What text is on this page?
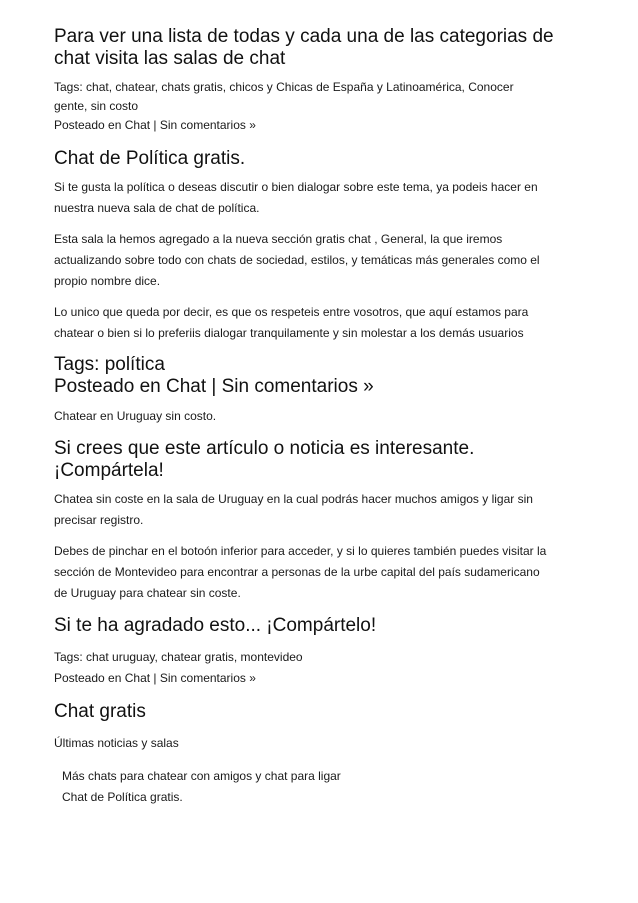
Para ver una lista de todas y cada una de las categorias de
chat visita las salas de chat
Tags: chat, chatear, chats gratis, chicos y Chicas de España y Latinoamérica, Conocer
gente, sin costo
Posteado en Chat | Sin comentarios »
Chat de Política gratis.
Si te gusta la política o deseas discutir o bien dialogar sobre este tema, ya podeis hacer en
nuestra nueva sala de chat de política.
Esta sala la hemos agregado a la nueva sección gratis chat , General, la que iremos
actualizando sobre todo con chats de sociedad, estilos, y temáticas más generales como el
propio nombre dice.
Lo unico que queda por decir, es que os respeteis entre vosotros, que aquí estamos para
chatear o bien si lo preferiis dialogar tranquilamente y sin molestar a los demás usuarios
Tags: política
Posteado en Chat | Sin comentarios »
Chatear en Uruguay sin costo.
Si crees que este artículo o noticia es interesante.
¡Compártela!
Chatea sin coste en la sala de Uruguay en la cual podrás hacer muchos amigos y ligar sin
precisar registro.
Debes de pinchar en el botoón inferior para acceder, y si lo quieres también puedes visitar la
sección de Montevideo para encontrar a personas de la urbe capital del país sudamericano
de Uruguay para chatear sin coste.
Si te ha agradado esto... ¡Compártelo!
Tags: chat uruguay, chatear gratis, montevideo
Posteado en Chat | Sin comentarios »
Chat gratis
Últimas noticias y salas
Más chats para chatear con amigos y chat para ligar
Chat de Política gratis.
